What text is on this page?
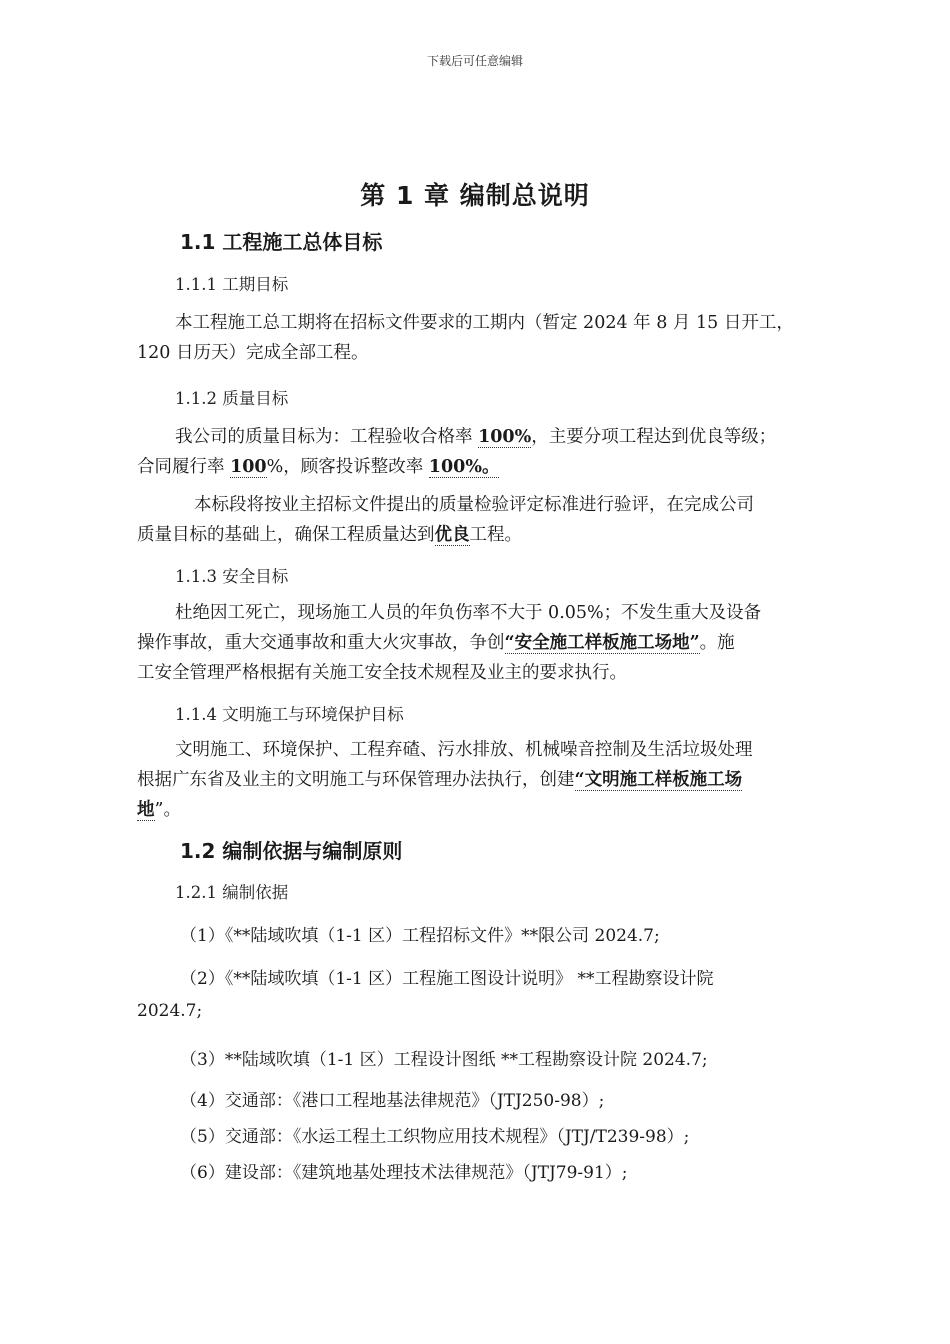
下载后可任意编辑
第 1 章 编制总说明
1.1 工程施工总体目标
1.1.1 工期目标
本工程施工总工期将在招标文件要求的工期内（暂定 2024 年 8 月 15 日开工，
120 日历天）完成全部工程。
1.1.2 质量目标
我公司的质量目标为：工程验收合格率 100%，主要分项工程达到优良等级；
合同履行率 100%，顾客投诉整改率 100%。
本标段将按业主招标文件提出的质量检验评定标准进行验评，在完成公司
质量目标的基础上，确保工程质量达到优良工程。
1.1.3 安全目标
杜绝因工死亡，现场施工人员的年负伤率不大于 0.05%；不发生重大及设备
操作事故，重大交通事故和重大火灾事故，争创“安全施工样板施工场地”。施
工安全管理严格根据有关施工安全技术规程及业主的要求执行。
1.1.4 文明施工与环境保护目标
文明施工、环境保护、工程弃碴、污水排放、机械噪音控制及生活垃圾处理
根据广东省及业主的文明施工与环保管理办法执行，创建“文明施工样板施工场
地”。
1.2 编制依据与编制原则
1.2.1 编制依据
（1）《**陆域吹填（1-1 区）工程招标文件》**限公司 2024.7;
（2）《**陆域吹填（1-1 区）工程施工图设计说明》 **工程勘察设计院
2024.7;
（3）**陆域吹填（1-1 区）工程设计图纸 **工程勘察设计院 2024.7;
（4）交通部：《港口工程地基法律规范》（JTJ250-98）;
（5）交通部：《水运工程土工织物应用技术规程》（JTJ/T239-98）;
（6）建设部：《建筑地基处理技术法律规范》（JTJ79-91）;
